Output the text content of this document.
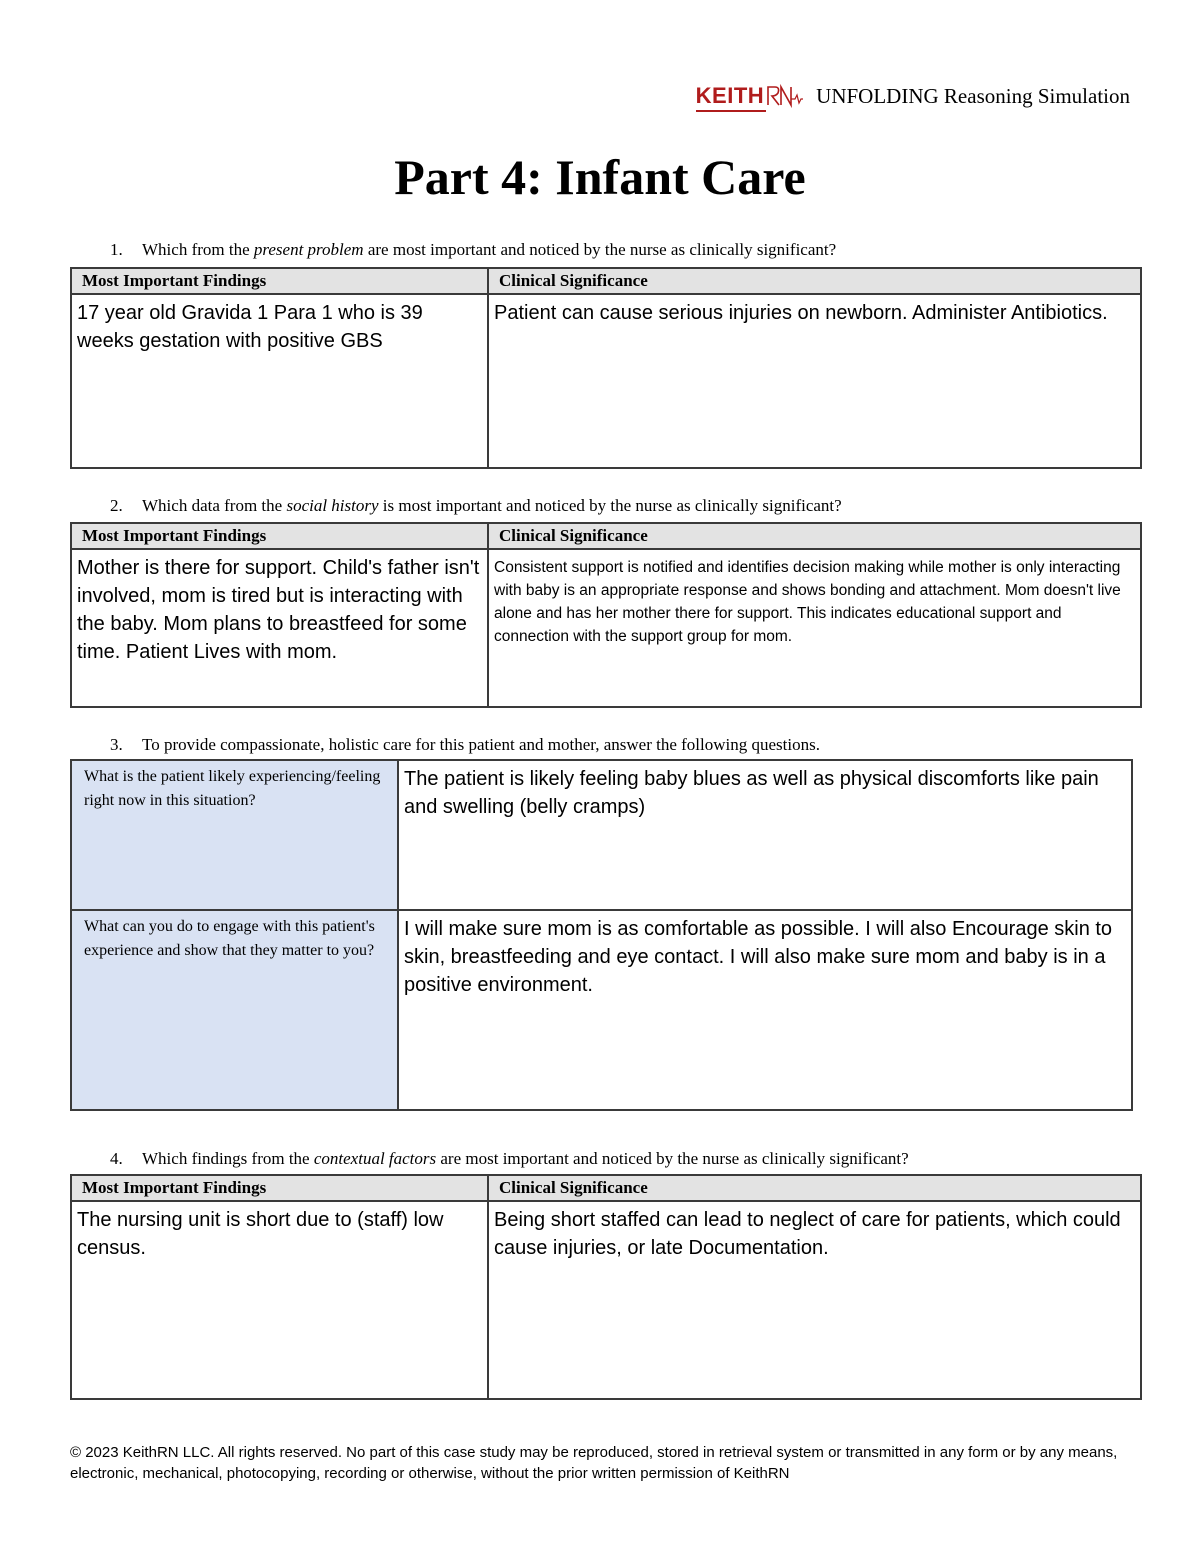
KEITH UNFOLDING Reasoning Simulation
Part 4: Infant Care
1. Which from the present problem are most important and noticed by the nurse as clinically significant?
Most Important Findings	Clinical Significance
17 year old Gravida 1 Para 1 who is 39 weeks gestation with positive GBS	Patient can cause serious injuries on newborn. Administer Antibiotics.
2. Which data from the social history is most important and noticed by the nurse as clinically significant?
Most Important Findings	Clinical Significance
Mother is there for support. Child's father isn't involved, mom is tired but is interacting with the baby. Mom plans to breastfeed for some time. Patient Lives with mom.	Consistent support is notified and identifies decision making while mother is only interacting with baby is an appropriate response and shows bonding and attachment. Mom doesn't live alone and has her mother there for support. This indicates educational support and connection with the support group for mom.
3. To provide compassionate, holistic care for this patient and mother, answer the following questions.
What is the patient likely experiencing/feeling right now in this situation?	The patient is likely feeling baby blues as well as physical discomforts like pain and swelling (belly cramps)
What can you do to engage with this patient's experience and show that they matter to you?	I will make sure mom is as comfortable as possible. I will also Encourage skin to skin, breastfeeding and eye contact. I will also make sure mom and baby is in a positive environment.
4. Which findings from the contextual factors are most important and noticed by the nurse as clinically significant?
Most Important Findings	Clinical Significance
The nursing unit is short due to (staff) low census.	Being short staffed can lead to neglect of care for patients, which could cause injuries, or late Documentation.
© 2023 KeithRN LLC. All rights reserved. No part of this case study may be reproduced, stored in retrieval system or transmitted in any form or by any means, electronic, mechanical, photocopying, recording or otherwise, without the prior written permission of KeithRN
